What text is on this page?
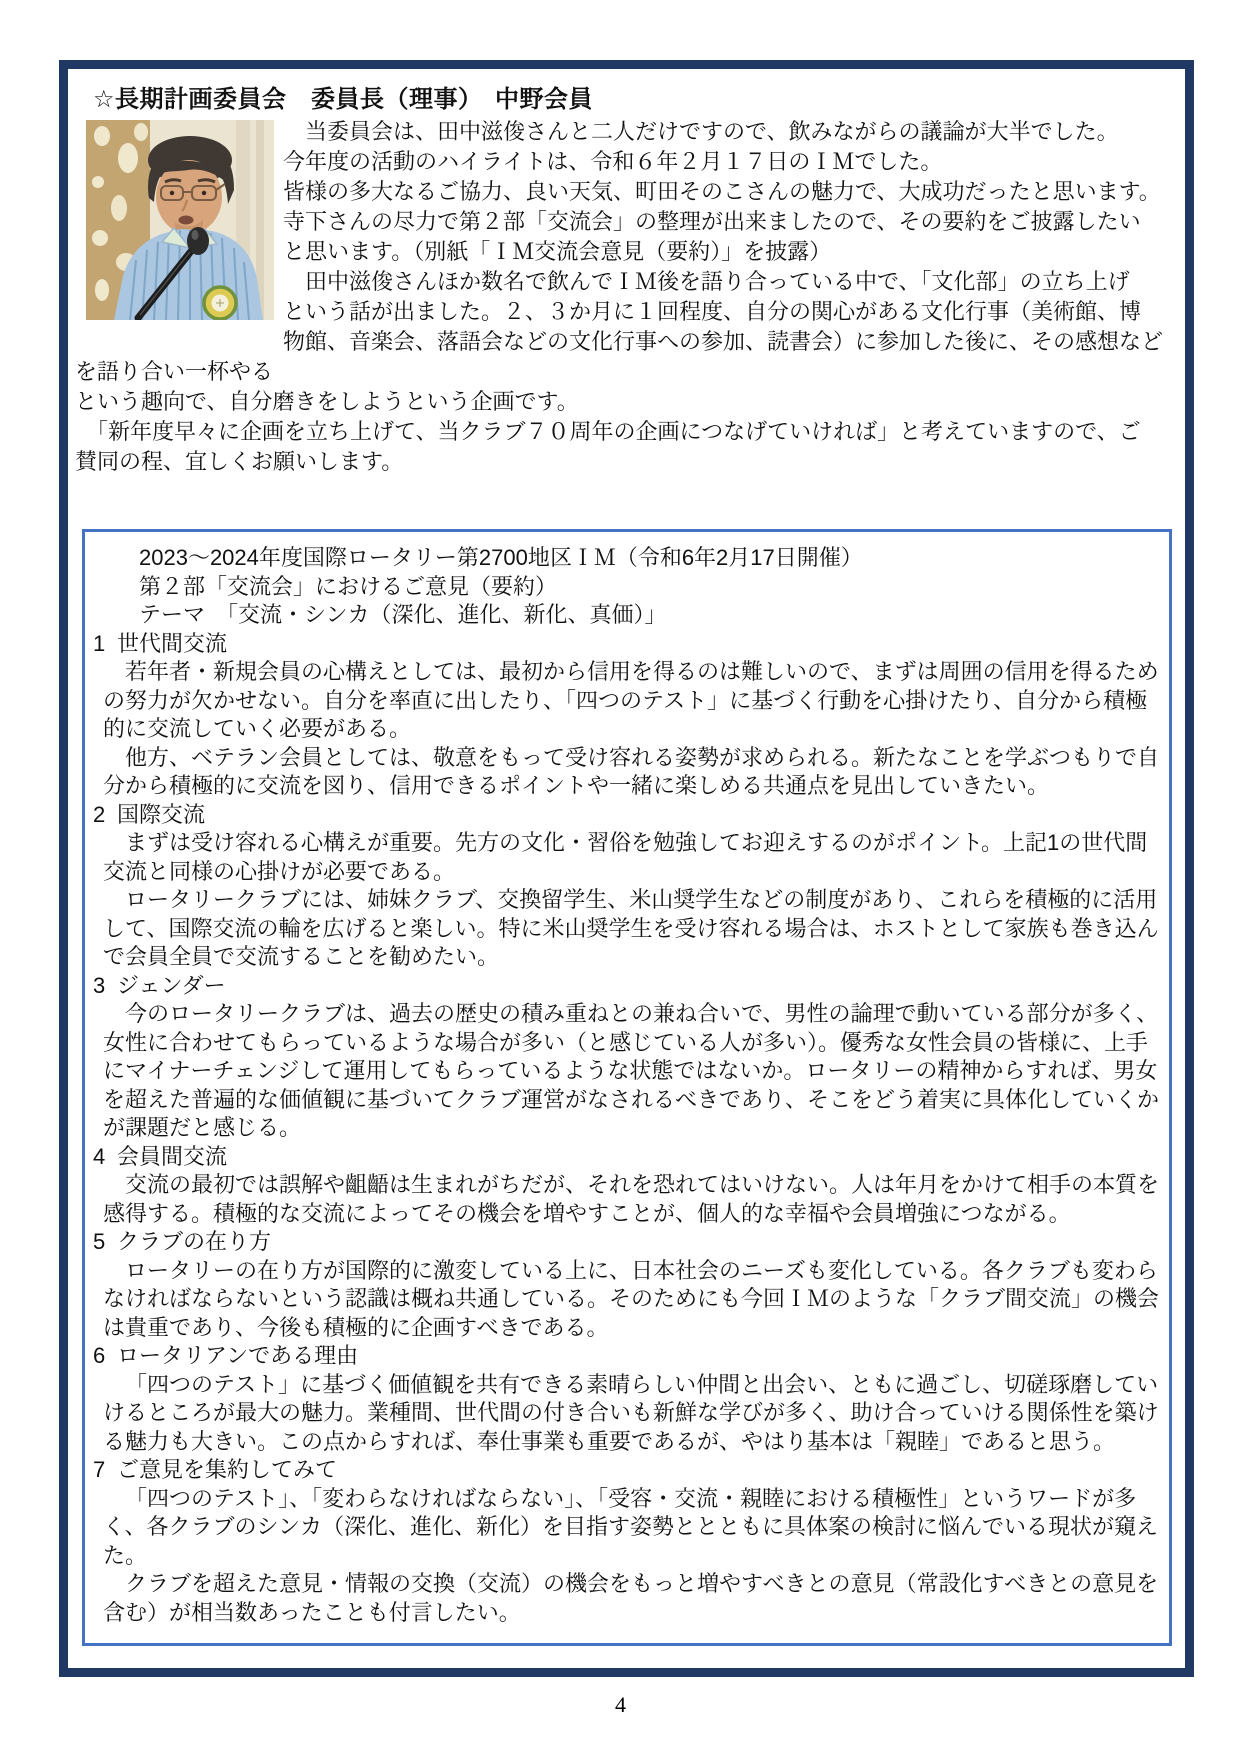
☆長期計画委員会　委員長（理事）　中野会員
　当委員会は、田中滋俊さんと二人だけですので、飲みながらの議論が大半でした。
今年度の活動のハイライトは、令和６年２月１７日のＩＭでした。
皆様の多大なるご協力、良い天気、町田そのこさんの魅力で、大成功だったと思います。
寺下さんの尽力で第２部「交流会」の整理が出来ましたので、その要約をご披露したい
と思います。（別紙「ＩＭ交流会意見（要約）」を披露）
　田中滋俊さんほか数名で飲んでＩＭ後を語り合っている中で、「文化部」の立ち上げ
という話が出ました。２、３か月に１回程度、自分の関心がある文化行事（美術館、博
物館、音楽会、落語会などの文化行事への参加、読書会）に参加した後に、その感想などを語り合い一杯やる
という趣向で、自分磨きをしようという企画です。
　「新年度早々に企画を立ち上げて、当クラブ７０周年の企画につなげていければ」と考えていますので、ご
賛同の程、宜しくお願いします。
2023～2024年度国際ロータリー第2700地区ＩＭ（令和6年2月17日開催）
第２部「交流会」におけるご意見（要約）
テーマ　「交流・シンカ（深化、進化、新化、真価）」
1 世代間交流

若年者・新規会員の心構えとしては、最初から信用を得るのは難しいので、まずは周囲の信用を得るための努力が欠かせない。自分を率直に出したり、「四つのテスト」に基づく行動を心掛けたり、自分から積極的に交流していく必要がある。

他方、ベテラン会員としては、敬意をもって受け容れる姿勢が求められる。新たなことを学ぶつもりで自分から積極的に交流を図り、信用できるポイントや一緒に楽しめる共通点を見出していきたい。

2 国際交流

まずは受け容れる心構えが重要。先方の文化・習俗を勉強してお迎えするのがポイント。上記1の世代間交流と同様の心掛けが必要である。

ロータリークラブには、姉妹クラブ、交換留学生、米山奨学生などの制度があり、これらを積極的に活用して、国際交流の輪を広げると楽しい。特に米山奨学生を受け容れる場合は、ホストとして家族も巻き込んで会員全員で交流することを勧めたい。

3 ジェンダー

今のロータリークラブは、過去の歴史の積み重ねとの兼ね合いで、男性の論理で動いている部分が多く、女性に合わせてもらっているような場合が多い（と感じている人が多い）。優秀な女性会員の皆様に、上手にマイナーチェンジして運用してもらっているような状態ではないか。ロータリーの精神からすれば、男女を超えた普遍的な価値観に基づいてクラブ運営がなされるべきであり、そこをどう着実に具体化していくかが課題だと感じる。

4 会員間交流

交流の最初では誤解や齟齬は生まれがちだが、それを恐れてはいけない。人は年月をかけて相手の本質を感得する。積極的な交流によってその機会を増やすことが、個人的な幸福や会員増強につながる。

5 クラブの在り方

ロータリーの在り方が国際的に激変している上に、日本社会のニーズも変化している。各クラブも変わらなければならないという認識は概ね共通している。そのためにも今回ＩＭのような「クラブ間交流」の機会は貴重であり、今後も積極的に企画すべきである。

6 ロータリアンである理由

「四つのテスト」に基づく価値観を共有できる素晴らしい仲間と出会い、ともに過ごし、切磋琢磨していけるところが最大の魅力。業種間、世代間の付き合いも新鮮な学びが多く、助け合っていける関係性を築ける魅力も大きい。この点からすれば、奉仕事業も重要であるが、やはり基本は「親睦」であると思う。

7 ご意見を集約してみて

「四つのテスト」、「変わらなければならない」、「受容・交流・親睦における積極性」というワードが多く、各クラブのシンカ（深化、進化、新化）を目指す姿勢ととともに具体案の検討に悩んでいる現状が窺えた。

クラブを超えた意見・情報の交換（交流）の機会をもっと増やすべきとの意見（常設化すべきとの意見を含む）が相当数あったことも付言したい。

4
